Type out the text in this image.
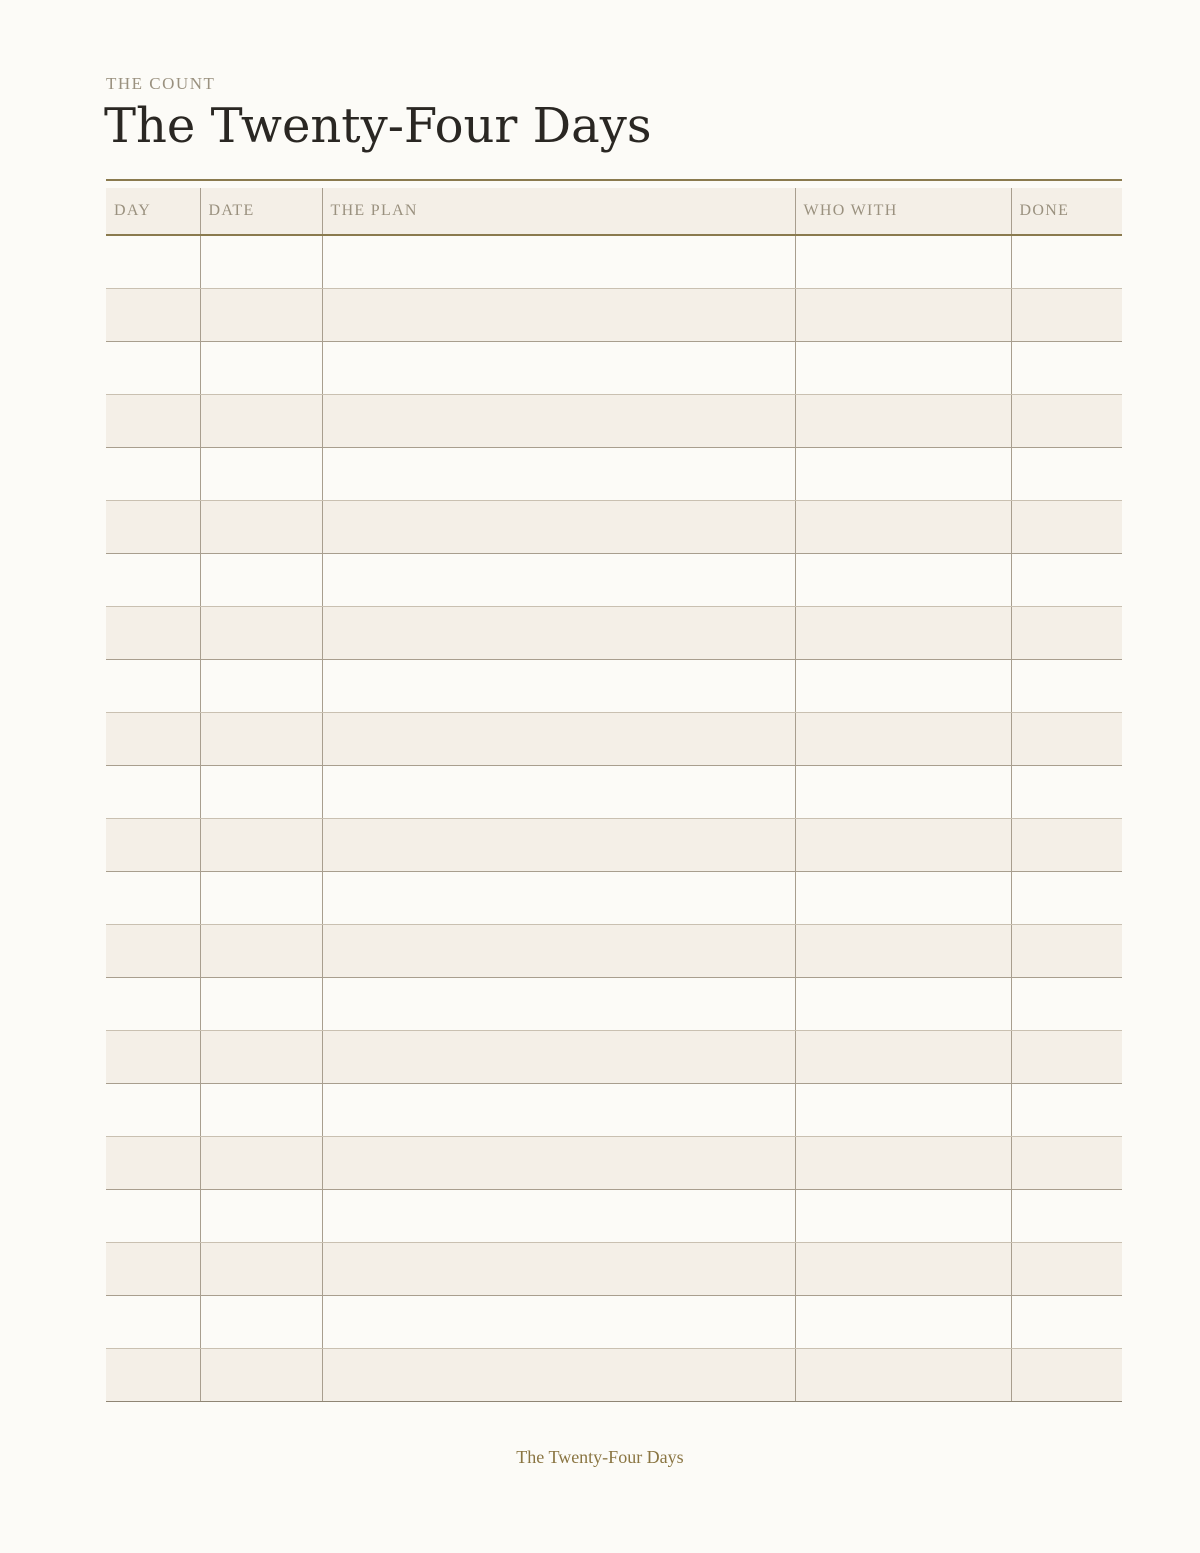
THE COUNT
The Twenty-Four Days
DAY	DATE	THE PLAN	WHO WITH	DONE

The Twenty-Four Days
